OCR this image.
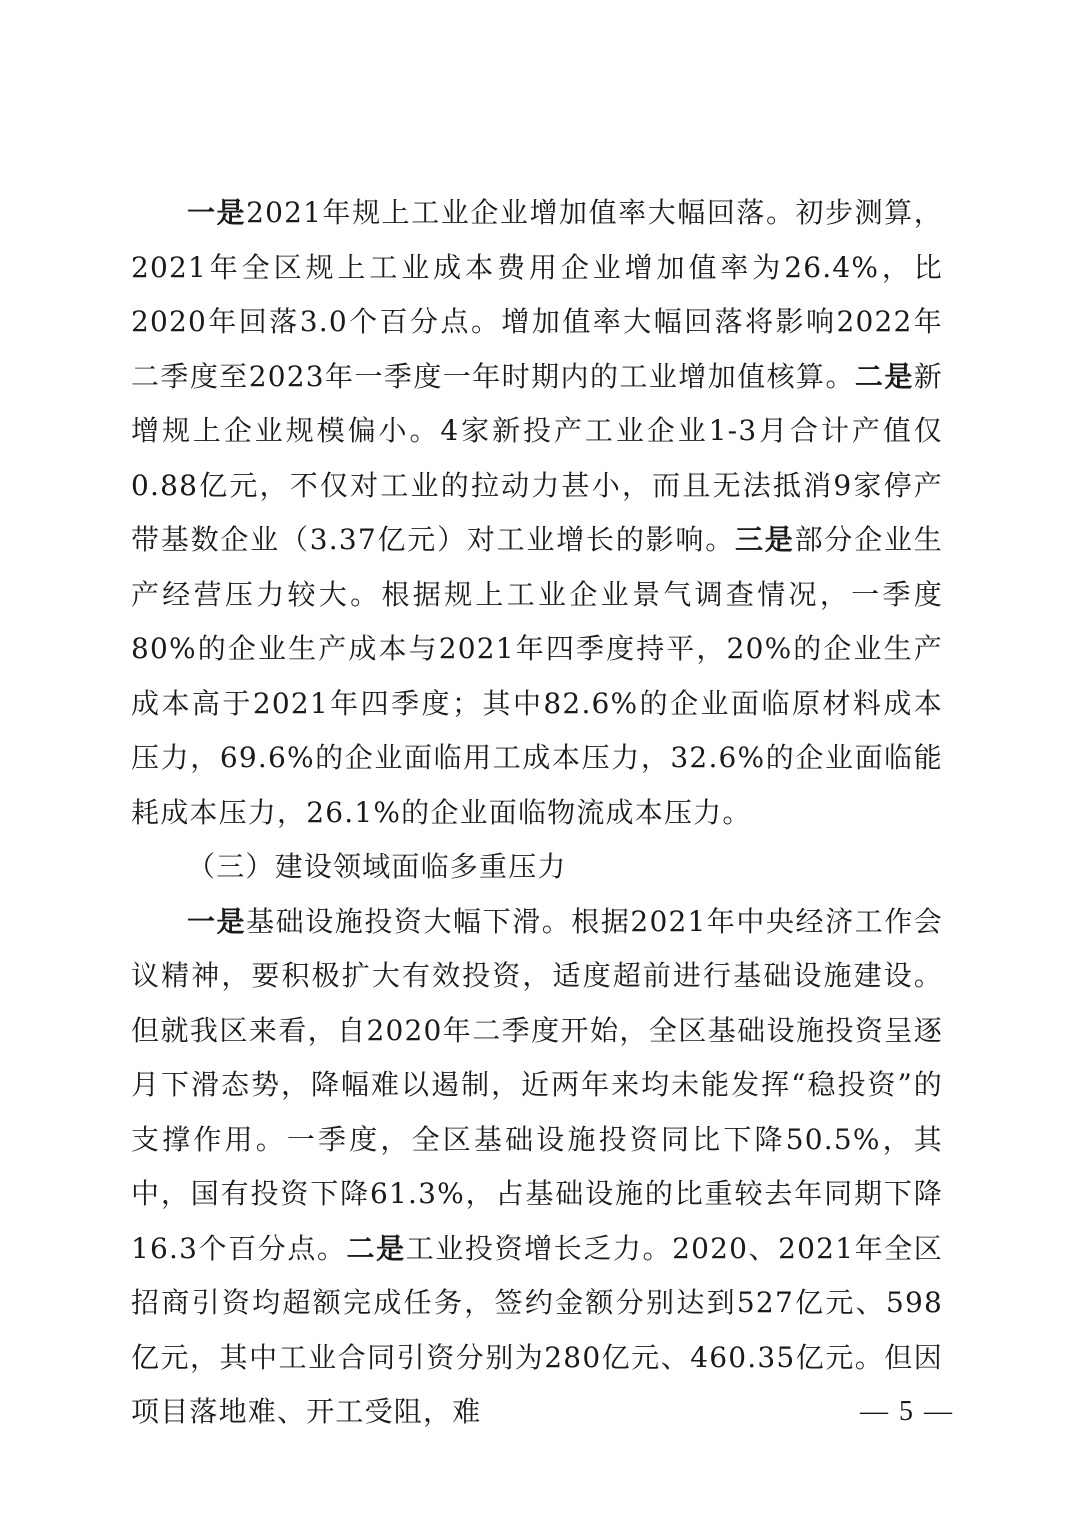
一是2021年规上工业企业增加值率大幅回落。初步测算，2021年全区规上工业成本费用企业增加值率为26.4%，比2020年回落3.0个百分点。增加值率大幅回落将影响2022年二季度至2023年一季度一年时期内的工业增加值核算。二是新增规上企业规模偏小。4家新投产工业企业1-3月合计产值仅0.88亿元，不仅对工业的拉动力甚小，而且无法抵消9家停产带基数企业（3.37亿元）对工业增长的影响。三是部分企业生产经营压力较大。根据规上工业企业景气调查情况，一季度80%的企业生产成本与2021年四季度持平，20%的企业生产成本高于2021年四季度；其中82.6%的企业面临原材料成本压力，69.6%的企业面临用工成本压力，32.6%的企业面临能耗成本压力，26.1%的企业面临物流成本压力。

（三）建设领域面临多重压力

一是基础设施投资大幅下滑。根据2021年中央经济工作会议精神，要积极扩大有效投资，适度超前进行基础设施建设。但就我区来看，自2020年二季度开始，全区基础设施投资呈逐月下滑态势，降幅难以遏制，近两年来均未能发挥“稳投资”的支撑作用。一季度，全区基础设施投资同比下降50.5%，其中，国有投资下降61.3%，占基础设施的比重较去年同期下降16.3个百分点。二是工业投资增长乏力。2020、2021年全区招商引资均超额完成任务，签约金额分别达到527亿元、598亿元，其中工业合同引资分别为280亿元、460.35亿元。但因项目落地难、开工受阻，难	— 5 —
